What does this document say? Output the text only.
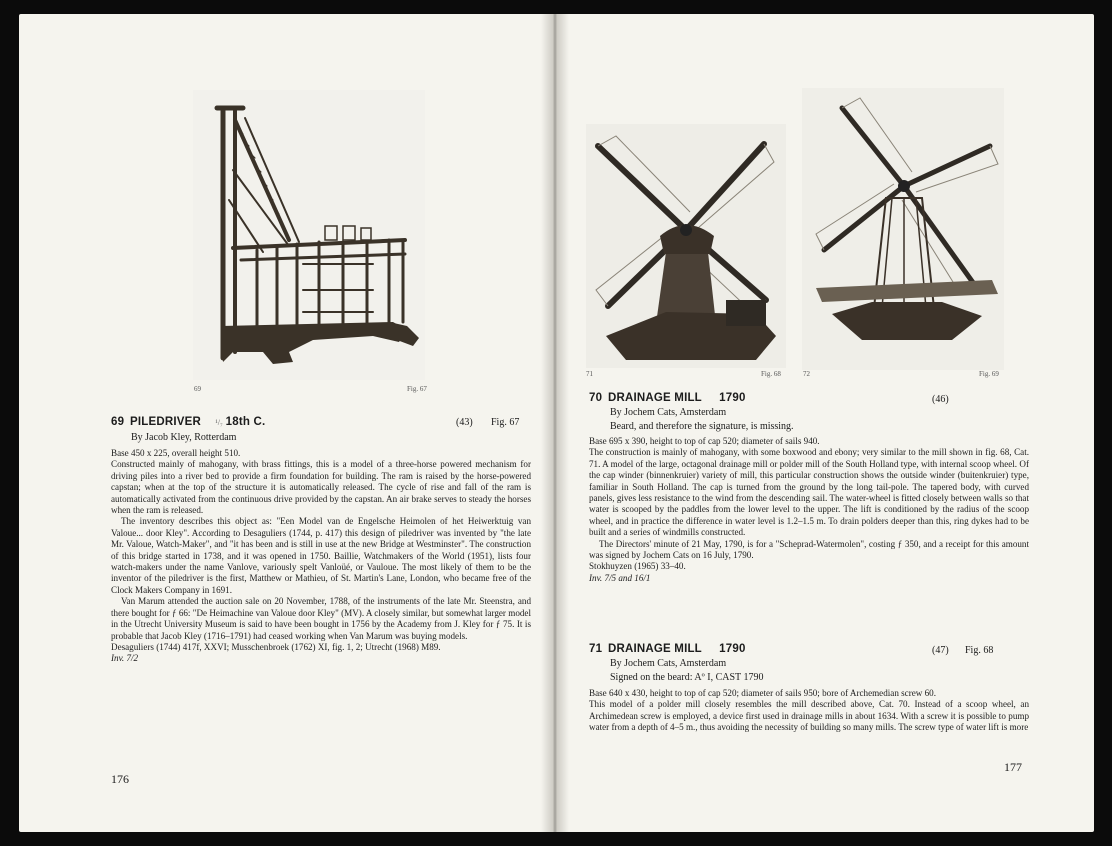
69	Fig. 67
69 PILEDRIVER ¹/₇ 18th C.	(43) Fig. 67
By Jacob Kley, Rotterdam

Base 450 x 225, overall height 510.

Constructed mainly of mahogany, with brass fittings, this is a model of a three-horse powered mechanism for driving piles into a river bed to provide a firm foundation for building. The ram is raised by the horse-powered capstan; when at the top of the structure it is automatically released. The cycle of rise and fall of the ram is automatically activated from the continuous drive provided by the capstan. An air brake serves to steady the horses when the ram is released.

The inventory describes this object as: "Een Model van de Engelsche Heimolen of het Heiwerktuig van Valoue... door Kley". According to Desaguliers (1744, p. 417) this design of piledriver was invented by "the late Mr. Valoue, Watch-Maker", and "it has been and is still in use at the new Bridge at Westminster". The construction of this bridge started in 1738, and it was opened in 1750. Baillie, Watchmakers of the World (1951), lists four watch-makers under the name Vanlove, variously spelt Vanloüé, or Vauloue. The most likely of them to be the inventor of the piledriver is the first, Matthew or Mathieu, of St. Martin's Lane, London, who became free of the Clock Makers Company in 1691.

Van Marum attended the auction sale on 20 November, 1788, of the instruments of the late Mr. Steenstra, and there bought for ƒ 66: "De Heimachine van Valoue door Kley" (MV). A closely similar, but somewhat larger model in the Utrecht University Museum is said to have been bought in 1756 by the Academy from J. Kley for ƒ 75. It is probable that Jacob Kley (1716–1791) had ceased working when Van Marum was buying models.

Desaguliers (1744) 417f, XXVI; Musschenbroek (1762) XI, fig. 1, 2; Utrecht (1968) M89.

Inv. 7/2

176
71	Fig. 68	72	Fig. 69
70 DRAINAGE MILL 1790	(46)
By Jochem Cats, Amsterdam
Beard, and therefore the signature, is missing.

Base 695 x 390, height to top of cap 520; diameter of sails 940.

The construction is mainly of mahogany, with some boxwood and ebony; very similar to the mill shown in fig. 68, Cat. 71. A model of the large, octagonal drainage mill or polder mill of the South Holland type, with internal scoop wheel. Of the cap winder (binnenkruier) variety of mill, this particular construction shows the outside winder (buitenkruier) type, familiar in South Holland. The cap is turned from the ground by the long tail-pole. The tapered body, with curved panels, gives less resistance to the wind from the descending sail. The water-wheel is fitted closely between walls so that water is scooped by the paddles from the lower level to the upper. The lift is conditioned by the radius of the scoop wheel, and in practice the difference in water level is 1.2–1.5 m. To drain polders deeper than this, ring dykes had to be built and a series of windmills constructed.

The Directors' minute of 21 May, 1790, is for a "Scheprad-Watermolen", costing ƒ 350, and a receipt for this amount was signed by Jochem Cats on 16 July, 1790.

Stokhuyzen (1965) 33–40.

Inv. 7/5 and 16/1

71 DRAINAGE MILL 1790	(47) Fig. 68
By Jochem Cats, Amsterdam
Signed on the beard: Aº I, CAST 1790

Base 640 x 430, height to top of cap 520; diameter of sails 950; bore of Archemedian screw 60.

This model of a polder mill closely resembles the mill described above, Cat. 70. Instead of a scoop wheel, an Archimedean screw is employed, a device first used in drainage mills in about 1634. With a screw it is possible to pump water from a depth of 4–5 m., thus avoiding the necessity of building so many mills. The screw type of water lift is more

177
